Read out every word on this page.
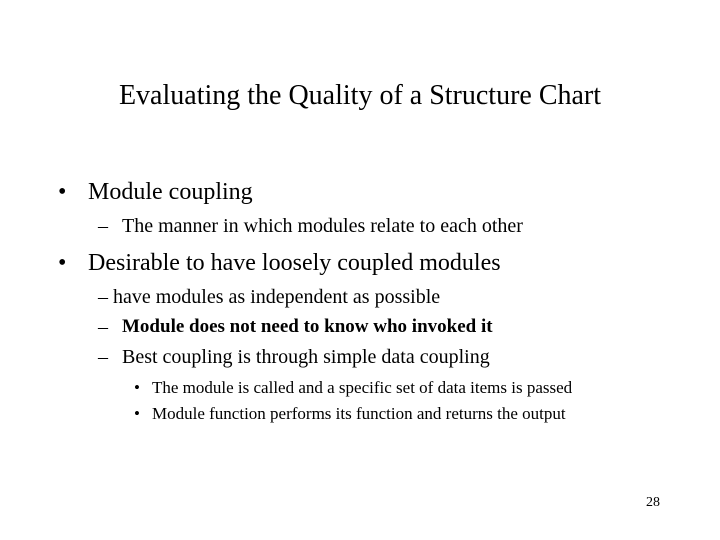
Evaluating the Quality of a Structure Chart
• Module coupling
– The manner in which modules relate to each other
• Desirable to have loosely coupled modules
– have modules as independent as possible
– Module does not need to know who invoked it
– Best coupling is through simple data coupling
• The module is called and a specific set of data items is passed
• Module function performs its function and returns the output
28
